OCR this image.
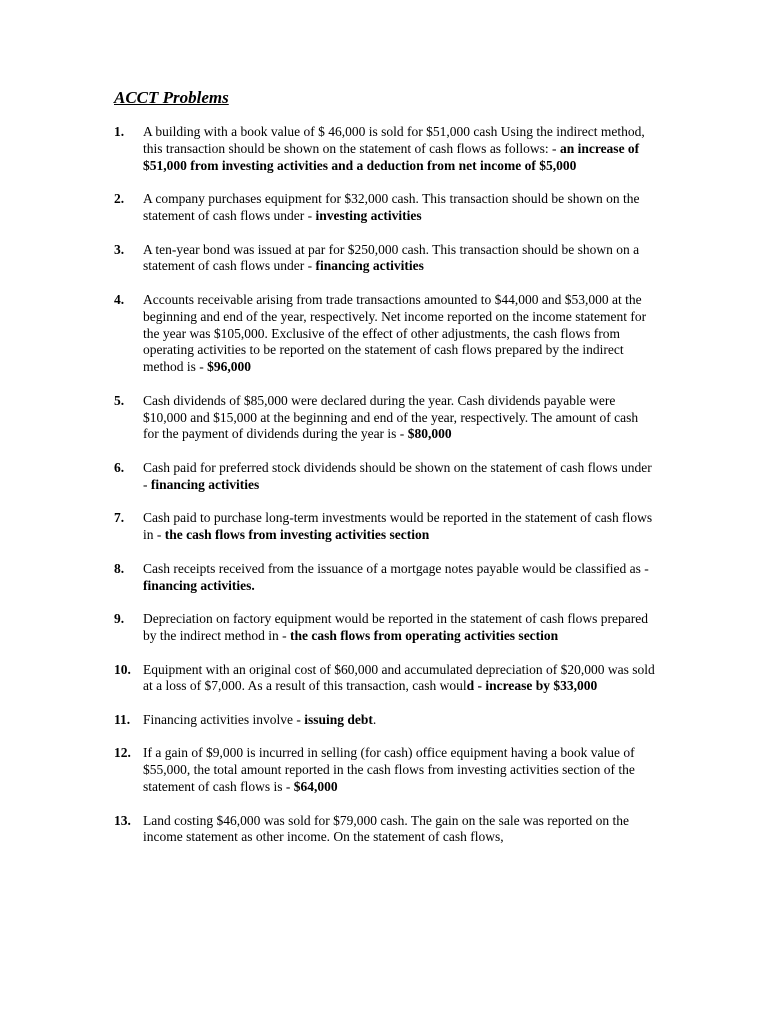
ACCT Problems
1. A building with a book value of $ 46,000 is sold for $51,000 cash Using the indirect method, this transaction should be shown on the statement of cash flows as follows: - an increase of $51,000 from investing activities and a deduction from net income of $5,000
2. A company purchases equipment for $32,000 cash. This transaction should be shown on the statement of cash flows under - investing activities
3. A ten-year bond was issued at par for $250,000 cash. This transaction should be shown on a statement of cash flows under - financing activities
4. Accounts receivable arising from trade transactions amounted to $44,000 and $53,000 at the beginning and end of the year, respectively. Net income reported on the income statement for the year was $105,000. Exclusive of the effect of other adjustments, the cash flows from operating activities to be reported on the statement of cash flows prepared by the indirect method is - $96,000
5. Cash dividends of $85,000 were declared during the year. Cash dividends payable were $10,000 and $15,000 at the beginning and end of the year, respectively. The amount of cash for the payment of dividends during the year is - $80,000
6. Cash paid for preferred stock dividends should be shown on the statement of cash flows under - financing activities
7. Cash paid to purchase long-term investments would be reported in the statement of cash flows in - the cash flows from investing activities section
8. Cash receipts received from the issuance of a mortgage notes payable would be classified as - financing activities.
9. Depreciation on factory equipment would be reported in the statement of cash flows prepared by the indirect method in - the cash flows from operating activities section
10. Equipment with an original cost of $60,000 and accumulated depreciation of $20,000 was sold at a loss of $7,000. As a result of this transaction, cash would - increase by $33,000
11. Financing activities involve - issuing debt.
12. If a gain of $9,000 is incurred in selling (for cash) office equipment having a book value of $55,000, the total amount reported in the cash flows from investing activities section of the statement of cash flows is - $64,000
13. Land costing $46,000 was sold for $79,000 cash. The gain on the sale was reported on the income statement as other income. On the statement of cash flows,
